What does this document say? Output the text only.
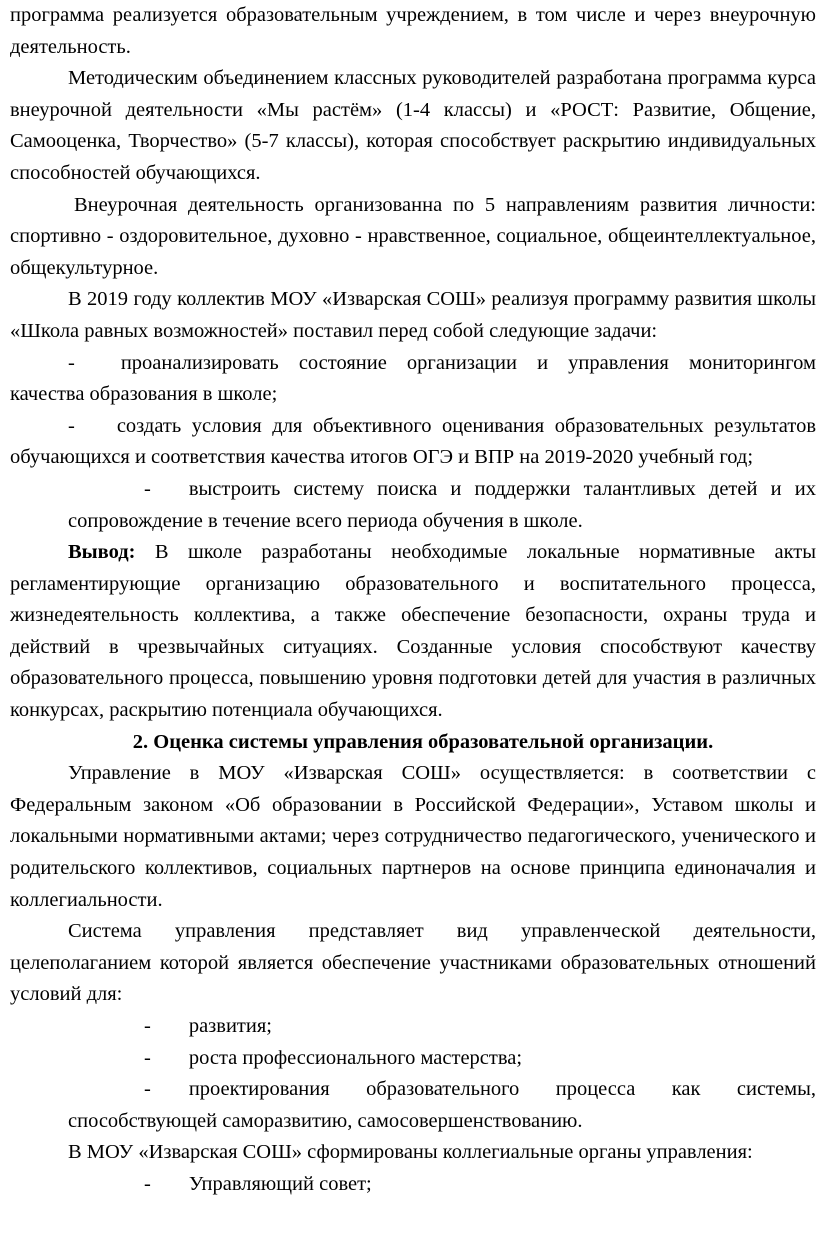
программа реализуется образовательным учреждением, в том числе и через внеурочную деятельность.

Методическим объединением классных руководителей разработана программа курса внеурочной деятельности «Мы растём» (1-4 классы) и «РОСТ: Развитие, Общение, Самооценка, Творчество» (5-7 классы), которая способствует раскрытию индивидуальных способностей обучающихся.

Внеурочная деятельность организованна по 5 направлениям развития личности: спортивно - оздоровительное, духовно - нравственное, социальное, общеинтеллектуальное, общекультурное.

В 2019 году коллектив МОУ «Изварская СОШ» реализуя программу развития школы «Школа равных возможностей» поставил перед собой следующие задачи:

- проанализировать состояние организации и управления мониторингом качества образования в школе;

- создать условия для объективного оценивания образовательных результатов обучающихся и соответствия качества итогов ОГЭ и ВПР на 2019-2020 учебный год;

- выстроить систему поиска и поддержки талантливых детей и их сопровождение в течение всего периода обучения в школе.

Вывод: В школе разработаны необходимые локальные нормативные акты регламентирующие организацию образовательного и воспитательного процесса, жизнедеятельность коллектива, а также обеспечение безопасности, охраны труда и действий в чрезвычайных ситуациях. Созданные условия способствуют качеству образовательного процесса, повышению уровня подготовки детей для участия в различных конкурсах, раскрытию потенциала обучающихся.

2. Оценка системы управления образовательной организации.

Управление в МОУ «Изварская СОШ» осуществляется: в соответствии с Федеральным законом «Об образовании в Российской Федерации», Уставом школы и локальными нормативными актами; через сотрудничество педагогического, ученического и родительского коллективов, социальных партнеров на основе принципа единоначалия и коллегиальности.

Система управления представляет вид управленческой деятельности, целеполаганием которой является обеспечение участниками образовательных отношений условий для:

- развития;

- роста профессионального мастерства;

- проектирования образовательного процесса как системы, способствующей саморазвитию, самосовершенствованию.

В МОУ «Изварская СОШ» сформированы коллегиальные органы управления:

- Управляющий совет;
